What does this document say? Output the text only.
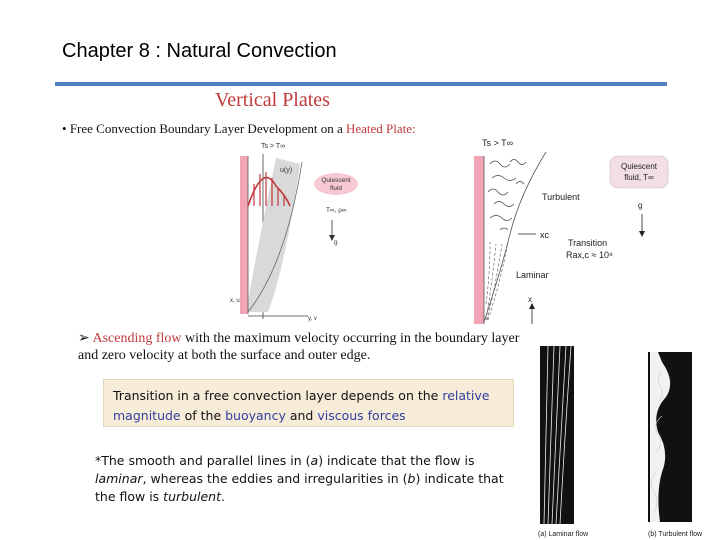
Chapter 8 : Natural Convection
Vertical Plates
• Free Convection Boundary Layer Development on a Heated Plate:
Ts > T∞
u(y)
Quiescent
fluid
T∞, ρ∞
g
x, u
y, v
Ts > T∞
Quiescent
fluid, T∞
Turbulent
g
xc
Transition
Rax,c ≈ 10⁹
Laminar
x
➢ Ascending flow with the maximum velocity occurring in the boundary layer and zero velocity at both the surface and outer edge.
Transition in a free convection layer depends on the relative magnitude of the buoyancy and viscous forces
*The smooth and parallel lines in (a) indicate that the flow is laminar, whereas the eddies and irregularities in (b) indicate that the flow is turbulent.
(a) Laminar flow	(b) Turbulent flow
